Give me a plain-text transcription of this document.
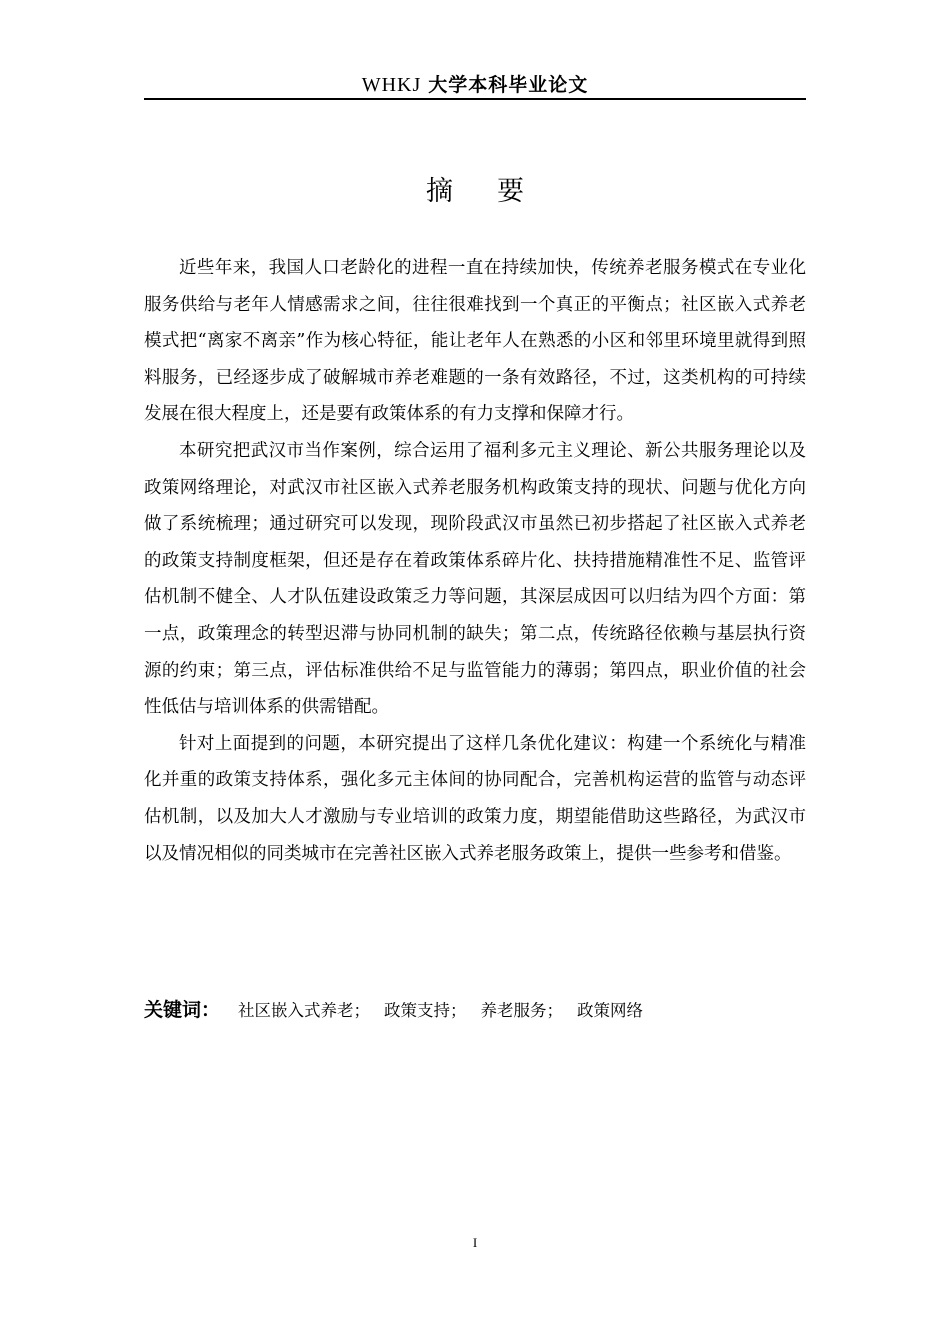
WHKJ 大学本科毕业论文
摘 要

近些年来，我国人口老龄化的进程一直在持续加快，传统养老服务模式在专业化服务供给与老年人情感需求之间，往往很难找到一个真正的平衡点；社区嵌入式养老模式把“离家不离亲”作为核心特征，能让老年人在熟悉的小区和邻里环境里就得到照料服务，已经逐步成了破解城市养老难题的一条有效路径，不过，这类机构的可持续发展在很大程度上，还是要有政策体系的有力支撑和保障才行。

本研究把武汉市当作案例，综合运用了福利多元主义理论、新公共服务理论以及政策网络理论，对武汉市社区嵌入式养老服务机构政策支持的现状、问题与优化方向做了系统梳理；通过研究可以发现，现阶段武汉市虽然已初步搭起了社区嵌入式养老的政策支持制度框架，但还是存在着政策体系碎片化、扶持措施精准性不足、监管评估机制不健全、人才队伍建设政策乏力等问题，其深层成因可以归结为四个方面：第一点，政策理念的转型迟滞与协同机制的缺失；第二点，传统路径依赖与基层执行资源的约束；第三点，评估标准供给不足与监管能力的薄弱；第四点，职业价值的社会性低估与培训体系的供需错配。

针对上面提到的问题，本研究提出了这样几条优化建议：构建一个系统化与精准化并重的政策支持体系，强化多元主体间的协同配合，完善机构运营的监管与动态评估机制，以及加大人才激励与专业培训的政策力度，期望能借助这些路径，为武汉市以及情况相似的同类城市在完善社区嵌入式养老服务政策上，提供一些参考和借鉴。

关键词： 社区嵌入式养老； 政策支持； 养老服务； 政策网络
I
